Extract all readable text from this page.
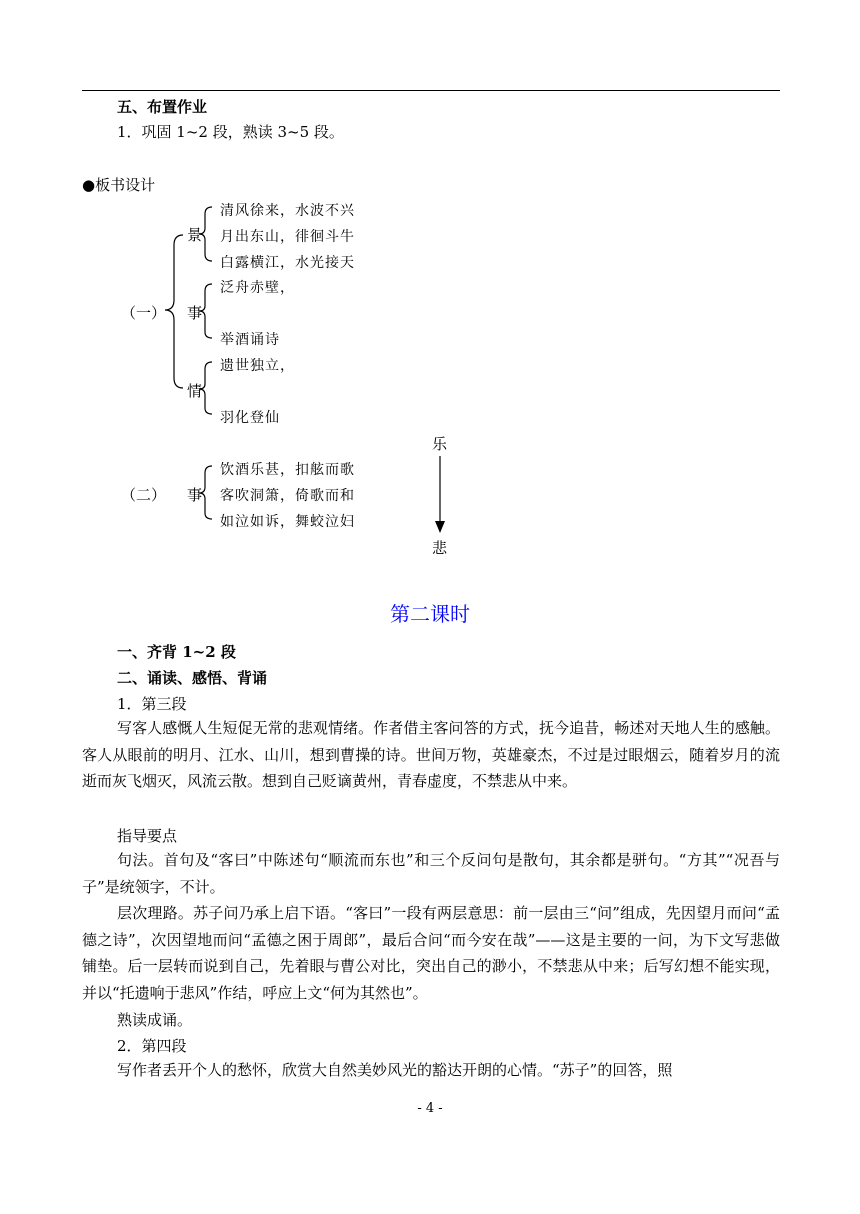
五、布置作业
1．巩固 1~2 段，熟读 3~5 段。
●板书设计
（一）
景
清风徐来，水波不兴
月出东山，徘徊斗牛
白露横江，水光接天
事
泛舟赤壁，
举酒诵诗
情
遗世独立，
羽化登仙
乐
（二） 事
饮酒乐甚，扣舷而歌
客吹洞箫，倚歌而和
如泣如诉，舞蛟泣妇
悲
第二课时
一、齐背 1~2 段
二、诵读、感悟、背诵
1．第三段
写客人感慨人生短促无常的悲观情绪。作者借主客问答的方式，抚今追昔，畅述对天地人生的感触。客人从眼前的明月、江水、山川，想到曹操的诗。世间万物，英雄豪杰，不过是过眼烟云，随着岁月的流逝而灰飞烟灭，风流云散。想到自己贬谪黄州，青春虚度，不禁悲从中来。
指导要点
句法。首句及“客曰”中陈述句“顺流而东也”和三个反问句是散句，其余都是骈句。“方其”“况吾与子”是统领字，不计。
层次理路。苏子问乃承上启下语。“客曰”一段有两层意思：前一层由三“问”组成，先因望月而问“孟德之诗”，次因望地而问“孟德之困于周郎”，最后合问“而今安在哉”——这是主要的一问，为下文写悲做铺垫。后一层转而说到自己，先着眼与曹公对比，突出自己的渺小，不禁悲从中来；后写幻想不能实现，并以“托遗响于悲风”作结，呼应上文“何为其然也”。
熟读成诵。
2．第四段
写作者丢开个人的愁怀，欣赏大自然美妙风光的豁达开朗的心情。“苏子”的回答，照
- 4 -
